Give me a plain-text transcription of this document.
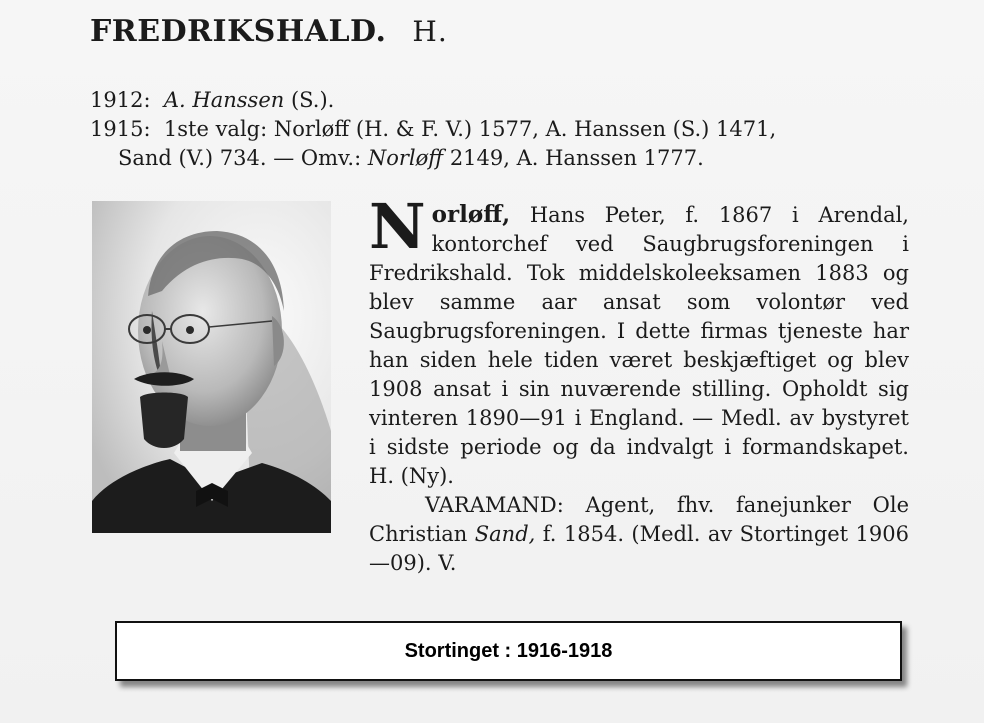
FREDRIKSHALD. H.
1912: A. Hanssen (S.).
1915: 1ste valg: Norløff (H. & F. V.) 1577, A. Hanssen (S.) 1471,
Sand (V.) 734. — Omv.: Norløff 2149, A. Hanssen 1777.

Norløff, Hans Peter, f. 1867 i Arendal, kontorchef ved Saugbrugsforeningen i Fredrikshald. Tok middelskoleeksamen 1883 og blev samme aar ansat som volontør ved Saugbrugsforeningen. I dette firmas tjeneste har han siden hele tiden været beskjæftiget og blev 1908 ansat i sin nuværende stilling. Opholdt sig vinteren 1890—91 i England. — Medl. av bystyret i sidste periode og da indvalgt i formandskapet. H. (Ny).

VARAMAND: Agent, fhv. fanejunker Ole Christian Sand, f. 1854. (Medl. av Stortinget 1906—09). V.

Stortinget : 1916-1918
